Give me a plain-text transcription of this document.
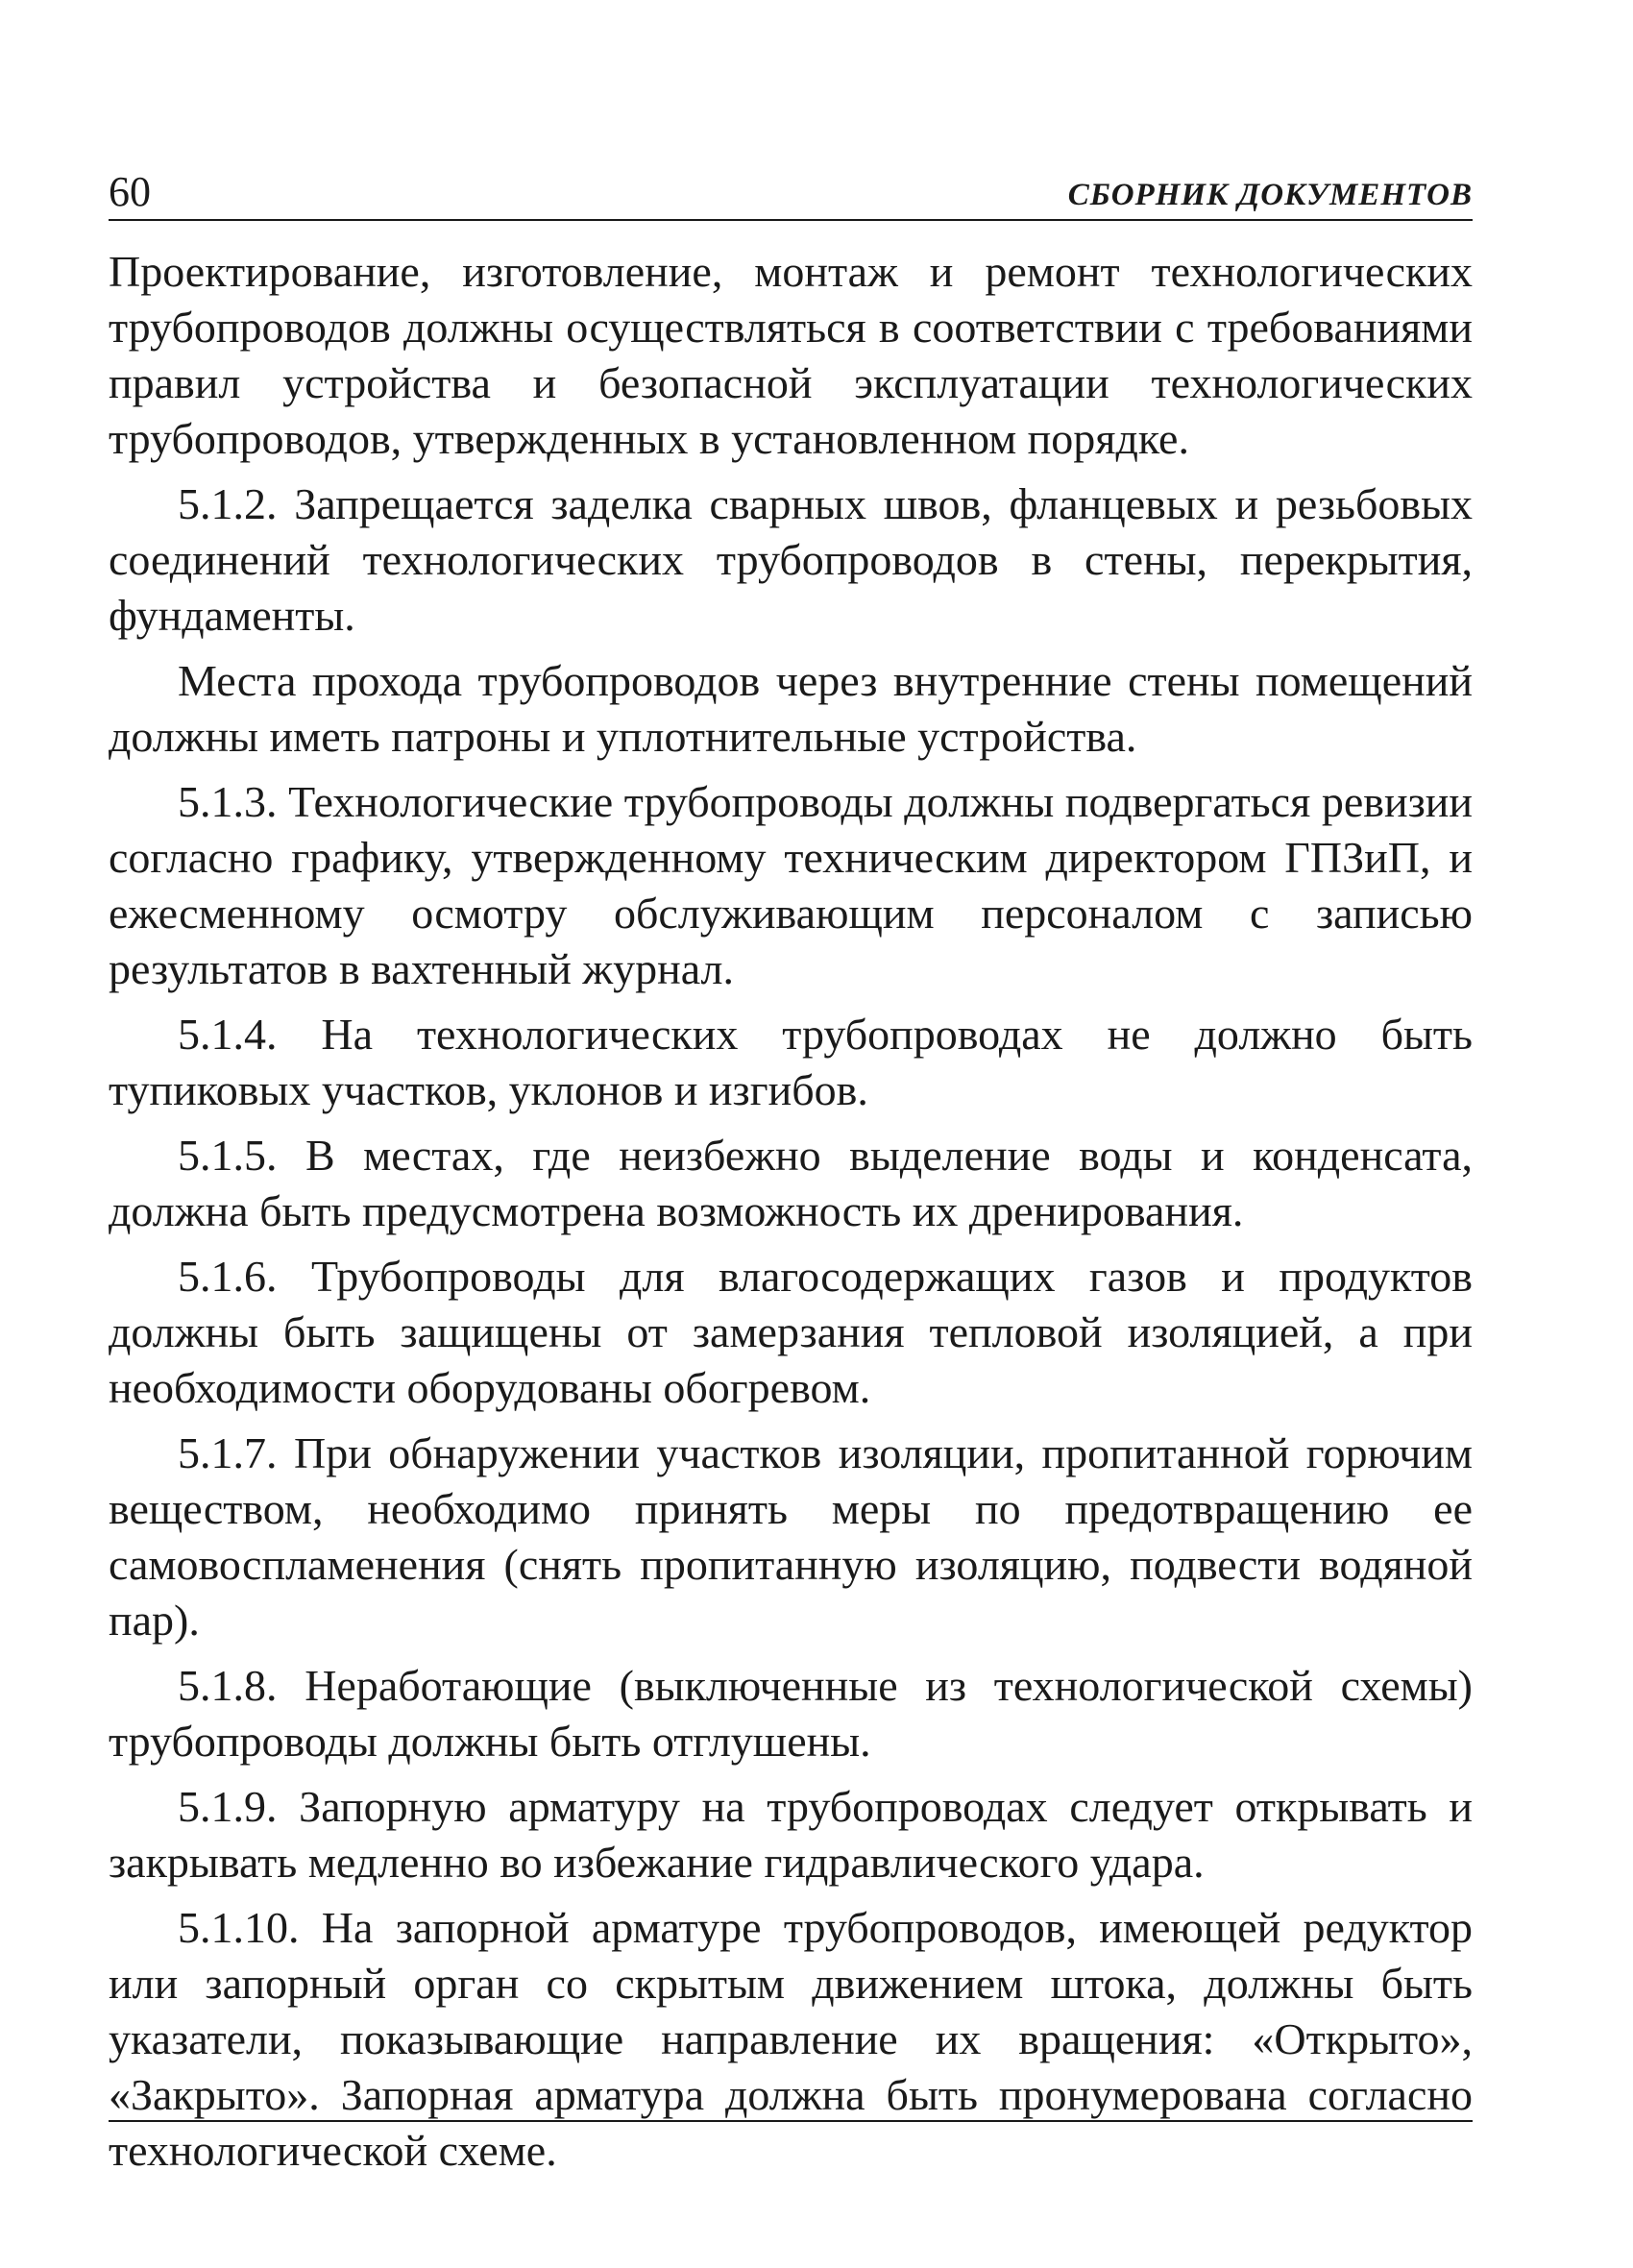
60	СБОРНИК ДОКУМЕНТОВ

Проектирование, изготовление, монтаж и ремонт технологических трубопроводов должны осуществляться в соответствии с требованиями правил устройства и безопасной эксплуатации технологических трубопроводов, утвержденных в установленном порядке.

5.1.2. Запрещается заделка сварных швов, фланцевых и резьбовых соединений технологических трубопроводов в стены, перекрытия, фундаменты.

Места прохода трубопроводов через внутренние стены помещений должны иметь патроны и уплотнительные устройства.

5.1.3. Технологические трубопроводы должны подвергаться ревизии согласно графику, утвержденному техническим директором ГПЗиП, и ежесменному осмотру обслуживающим персоналом с записью результатов в вахтенный журнал.

5.1.4. На технологических трубопроводах не должно быть тупиковых участков, уклонов и изгибов.

5.1.5. В местах, где неизбежно выделение воды и конденсата, должна быть предусмотрена возможность их дренирования.

5.1.6. Трубопроводы для влагосодержащих газов и продуктов должны быть защищены от замерзания тепловой изоляцией, а при необходимости оборудованы обогревом.

5.1.7. При обнаружении участков изоляции, пропитанной горючим веществом, необходимо принять меры по предотвращению ее самовоспламенения (снять пропитанную изоляцию, подвести водяной пар).

5.1.8. Неработающие (выключенные из технологической схемы) трубопроводы должны быть отглушены.

5.1.9. Запорную арматуру на трубопроводах следует открывать и закрывать медленно во избежание гидравлического удара.

5.1.10. На запорной арматуре трубопроводов, имеющей редуктор или запорный орган со скрытым движением штока, должны быть указатели, показывающие направление их вращения: «Открыто», «Закрыто». Запорная арматура должна быть пронумерована согласно технологической схеме.
